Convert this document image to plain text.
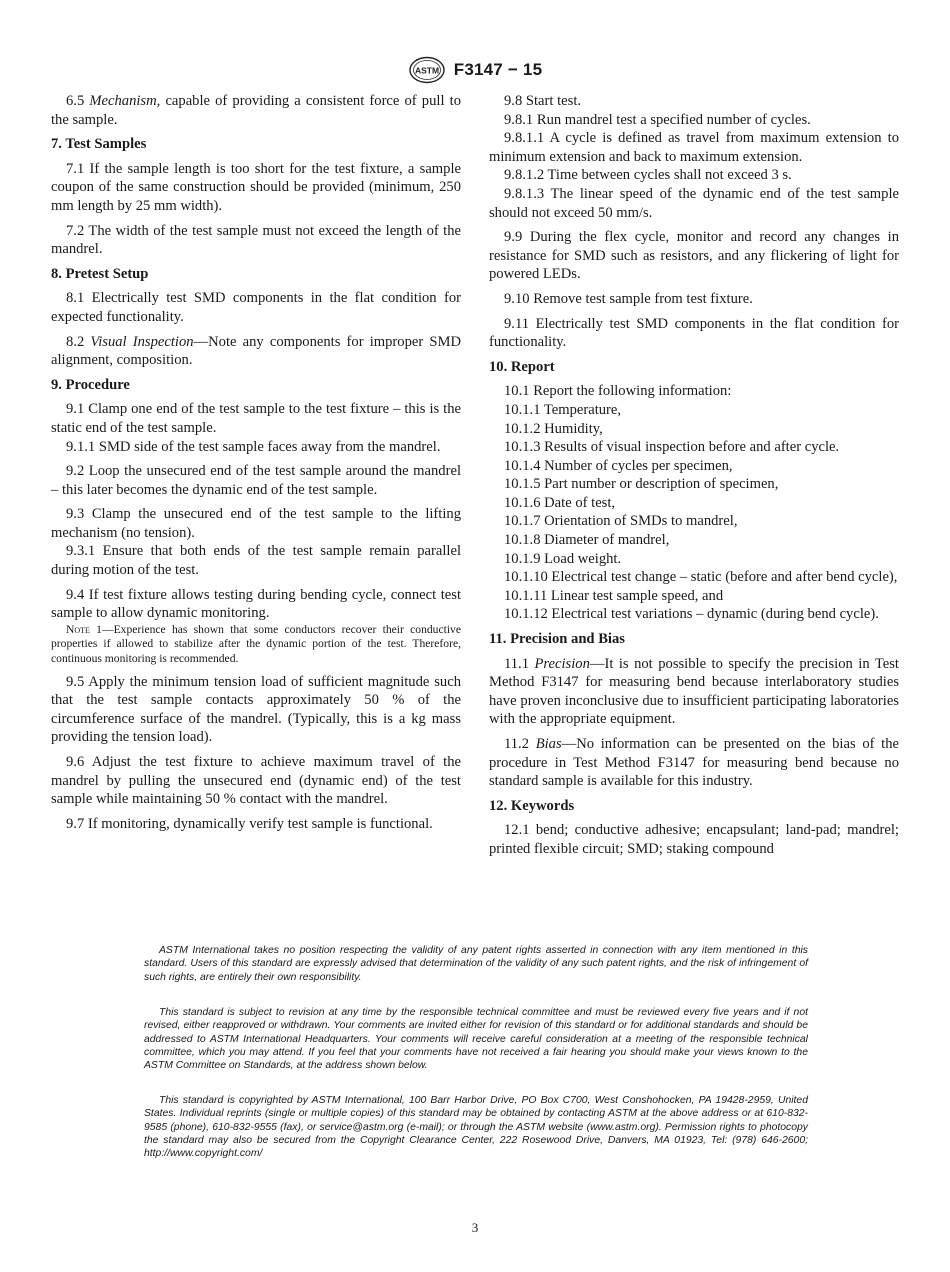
ASTM F3147 − 15

6.5 Mechanism, capable of providing a consistent force of pull to the sample.

7. Test Samples

7.1 If the sample length is too short for the test fixture, a sample coupon of the same construction should be provided (minimum, 250 mm length by 25 mm width).

7.2 The width of the test sample must not exceed the length of the mandrel.

8. Pretest Setup

8.1 Electrically test SMD components in the flat condition for expected functionality.

8.2 Visual Inspection—Note any components for improper SMD alignment, composition.

9. Procedure

9.1 Clamp one end of the test sample to the test fixture – this is the static end of the test sample.

9.1.1 SMD side of the test sample faces away from the mandrel.

9.2 Loop the unsecured end of the test sample around the mandrel – this later becomes the dynamic end of the test sample.

9.3 Clamp the unsecured end of the test sample to the lifting mechanism (no tension).

9.3.1 Ensure that both ends of the test sample remain parallel during motion of the test.

9.4 If test fixture allows testing during bending cycle, connect test sample to allow dynamic monitoring.

Note 1—Experience has shown that some conductors recover their conductive properties if allowed to stabilize after the dynamic portion of the test. Therefore, continuous monitoring is recommended.

9.5 Apply the minimum tension load of sufficient magnitude such that the test sample contacts approximately 50 % of the circumference surface of the mandrel. (Typically, this is a kg mass providing the tension load).

9.6 Adjust the test fixture to achieve maximum travel of the mandrel by pulling the unsecured end (dynamic end) of the test sample while maintaining 50 % contact with the mandrel.

9.7 If monitoring, dynamically verify test sample is functional.

9.8 Start test.

9.8.1 Run mandrel test a specified number of cycles.

9.8.1.1 A cycle is defined as travel from maximum extension to minimum extension and back to maximum extension.

9.8.1.2 Time between cycles shall not exceed 3 s.

9.8.1.3 The linear speed of the dynamic end of the test sample should not exceed 50 mm/s.

9.9 During the flex cycle, monitor and record any changes in resistance for SMD such as resistors, and any flickering of light for powered LEDs.

9.10 Remove test sample from test fixture.

9.11 Electrically test SMD components in the flat condition for functionality.

10. Report

10.1 Report the following information:

10.1.1 Temperature,

10.1.2 Humidity,

10.1.3 Results of visual inspection before and after cycle.

10.1.4 Number of cycles per specimen,

10.1.5 Part number or description of specimen,

10.1.6 Date of test,

10.1.7 Orientation of SMDs to mandrel,

10.1.8 Diameter of mandrel,

10.1.9 Load weight.

10.1.10 Electrical test change – static (before and after bend cycle),

10.1.11 Linear test sample speed, and

10.1.12 Electrical test variations – dynamic (during bend cycle).

11. Precision and Bias

11.1 Precision—It is not possible to specify the precision in Test Method F3147 for measuring bend because interlaboratory studies have proven inconclusive due to insufficient participating laboratories with the appropriate equipment.

11.2 Bias—No information can be presented on the bias of the procedure in Test Method F3147 for measuring bend because no standard sample is available for this industry.

12. Keywords

12.1 bend; conductive adhesive; encapsulant; land-pad; mandrel; printed flexible circuit; SMD; staking compound

ASTM International takes no position respecting the validity of any patent rights asserted in connection with any item mentioned in this standard. Users of this standard are expressly advised that determination of the validity of any such patent rights, and the risk of infringement of such rights, are entirely their own responsibility.

This standard is subject to revision at any time by the responsible technical committee and must be reviewed every five years and if not revised, either reapproved or withdrawn. Your comments are invited either for revision of this standard or for additional standards and should be addressed to ASTM International Headquarters. Your comments will receive careful consideration at a meeting of the responsible technical committee, which you may attend. If you feel that your comments have not received a fair hearing you should make your views known to the ASTM Committee on Standards, at the address shown below.

This standard is copyrighted by ASTM International, 100 Barr Harbor Drive, PO Box C700, West Conshohocken, PA 19428-2959, United States. Individual reprints (single or multiple copies) of this standard may be obtained by contacting ASTM at the above address or at 610-832-9585 (phone), 610-832-9555 (fax), or service@astm.org (e-mail); or through the ASTM website (www.astm.org). Permission rights to photocopy the standard may also be secured from the Copyright Clearance Center, 222 Rosewood Drive, Danvers, MA 01923, Tel: (978) 646-2600; http://www.copyright.com/

3
